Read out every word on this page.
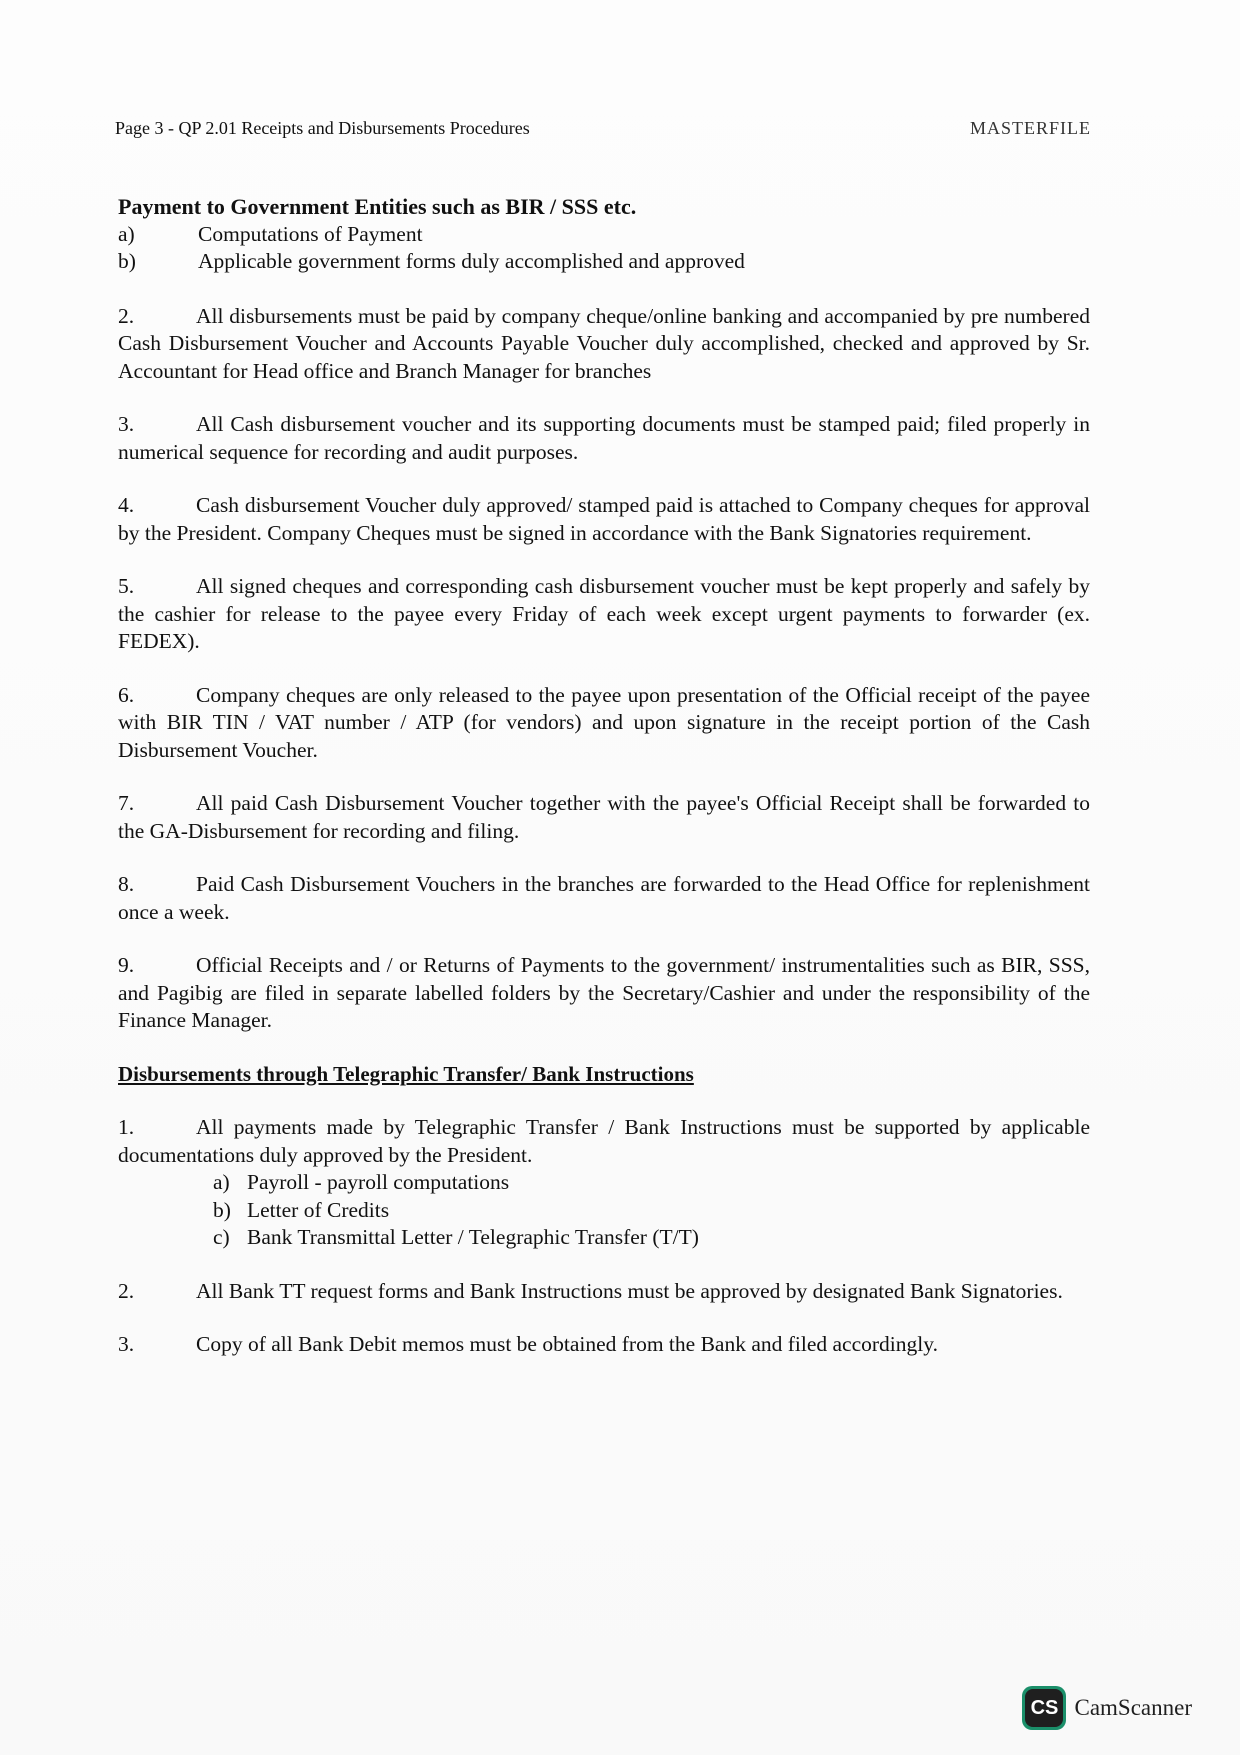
Page 3 - QP 2.01 Receipts and Disbursements Procedures	MASTERFILE
Payment to Government Entities such as BIR / SSS etc.
a)	Computations of Payment
b)	Applicable government forms duly accomplished and approved

2.	All disbursements must be paid by company cheque/online banking and accompanied by pre numbered Cash Disbursement Voucher and Accounts Payable Voucher duly accomplished, checked and approved by Sr. Accountant for Head office and Branch Manager for branches

3.	All Cash disbursement voucher and its supporting documents must be stamped paid; filed properly in numerical sequence for recording and audit purposes.

4.	Cash disbursement Voucher duly approved/ stamped paid is attached to Company cheques for approval by the President. Company Cheques must be signed in accordance with the Bank Signatories requirement.

5.	All signed cheques and corresponding cash disbursement voucher must be kept properly and safely by the cashier for release to the payee every Friday of each week except urgent payments to forwarder (ex. FEDEX).

6.	Company cheques are only released to the payee upon presentation of the Official receipt of the payee with BIR TIN / VAT number / ATP (for vendors) and upon signature in the receipt portion of the Cash Disbursement Voucher.

7.	All paid Cash Disbursement Voucher together with the payee's Official Receipt shall be forwarded to the GA-Disbursement for recording and filing.

8.	Paid Cash Disbursement Vouchers in the branches are forwarded to the Head Office for replenishment once a week.

9.	Official Receipts and / or Returns of Payments to the government/ instrumentalities such as BIR, SSS, and Pagibig are filed in separate labelled folders by the Secretary/Cashier and under the responsibility of the Finance Manager.

Disbursements through Telegraphic Transfer/ Bank Instructions

1.	All payments made by Telegraphic Transfer / Bank Instructions must be supported by applicable documentations duly approved by the President.

a) Payroll - payroll computations
b) Letter of Credits
c) Bank Transmittal Letter / Telegraphic Transfer (T/T)

2.	All Bank TT request forms and Bank Instructions must be approved by designated Bank Signatories.

3.	Copy of all Bank Debit memos must be obtained from the Bank and filed accordingly.

CS CamScanner
